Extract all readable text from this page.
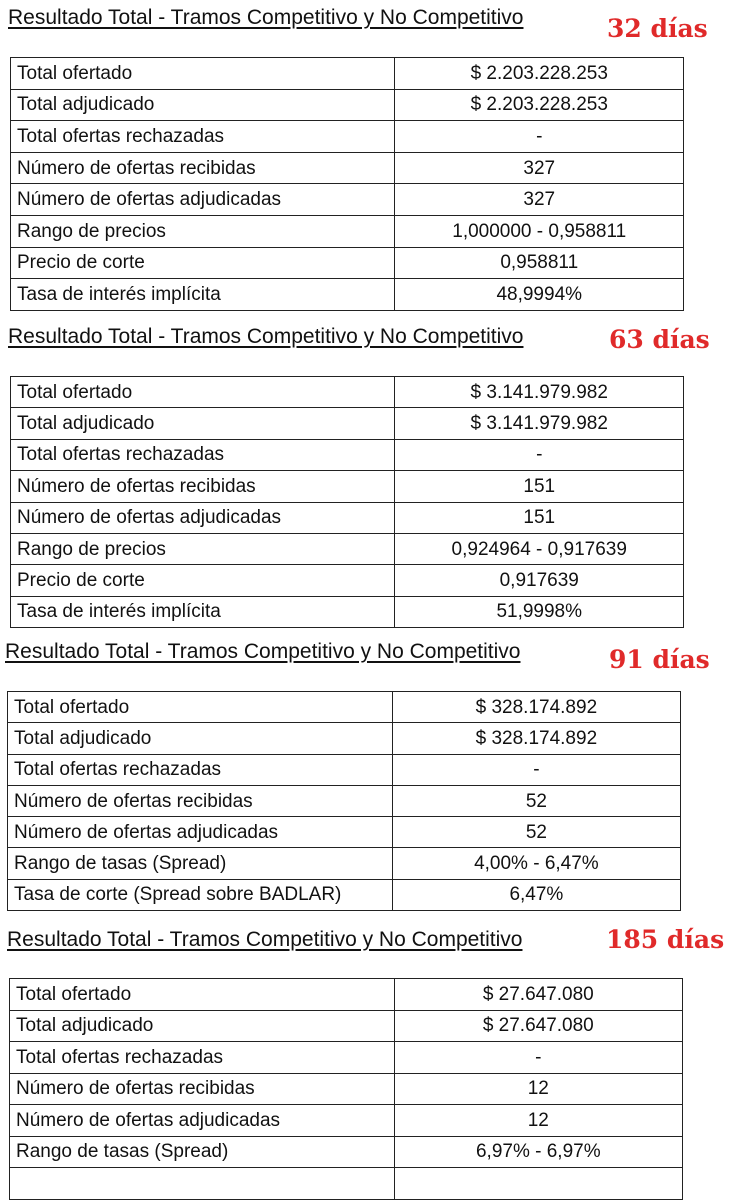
Resultado Total - Tramos Competitivo y No Competitivo	32 días
Total ofertado	$ 2.203.228.253
Total adjudicado	$ 2.203.228.253
Total ofertas rechazadas	-
Número de ofertas recibidas	327
Número de ofertas adjudicadas	327
Rango de precios	1,000000 - 0,958811
Precio de corte	0,958811
Tasa de interés implícita	48,9994%
Resultado Total - Tramos Competitivo y No Competitivo	63 días
Total ofertado	$ 3.141.979.982
Total adjudicado	$ 3.141.979.982
Total ofertas rechazadas	-
Número de ofertas recibidas	151
Número de ofertas adjudicadas	151
Rango de precios	0,924964 - 0,917639
Precio de corte	0,917639
Tasa de interés implícita	51,9998%
Resultado Total - Tramos Competitivo y No Competitivo	91 días
Total ofertado	$ 328.174.892
Total adjudicado	$ 328.174.892
Total ofertas rechazadas	-
Número de ofertas recibidas	52
Número de ofertas adjudicadas	52
Rango de tasas (Spread)	4,00% - 6,47%
Tasa de corte (Spread sobre BADLAR)	6,47%
Resultado Total - Tramos Competitivo y No Competitivo	185 días
Total ofertado	$ 27.647.080
Total adjudicado	$ 27.647.080
Total ofertas rechazadas	-
Número de ofertas recibidas	12
Número de ofertas adjudicadas	12
Rango de tasas (Spread)	6,97% - 6,97%
